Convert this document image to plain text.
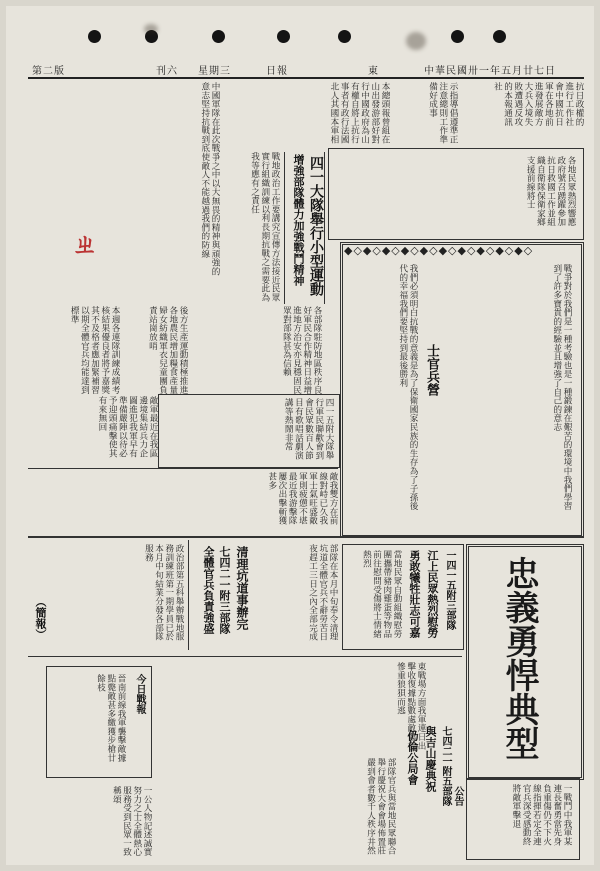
第二版	刊六 星期三	日報	東	中華民國卅一年五月廿七日
抗日政權的進行工作社會中國抗日軍在各地前進發展敵方大兵入境失敗遭遇反攻的本報通訊社
示指導倡遵準正注意總則工作準備好成事
本總頭報曾組在山出發游部好對行中國政府為山有權自將上抗行事者有政行法國北人其國本軍相
中國軍隊在此次戰爭之中以大無畏的精神與頑強的意志堅持抗戰到底使敵人不能越過我們的防線
ㄓ
各地民眾熱烈響應政府號召踴躍參加抗日救國工作並組織自衛隊保衛家鄉支援前線將士
增強部隊體力加強戰鬥精神 四一大隊舉行小型運動
戰地政治工作要講究宣傳方法接近民眾實行組織訓練以利長期抗戰之需要此為我等應有之責任
各部隊駐防地區秩序良好軍民合作精神日益增進地方治安亦見穩固民眾對部隊甚為信賴
◆◇◆◇◆◇◆◇◆◇◆◇◆◇◆◇◆◇◆◇
戰爭對於我們是一種考驗也是一種鍛鍊在艱苦的環境中我們學習到了許多寶貴的經驗並且增強了自己的意志
士官兵營
我們必須明白抗戰的意義是為了保衛國家民族的生存為了子孫後代的幸福我們要堅持到最後勝利
本週各連隊訓練成績考核結果優良者將予嘉獎其不及格者應加緊補習以期全體官兵均能達到標準
敵軍最近在我區邊境集結兵力企圖進犯我軍早有準備嚴陣以待必予迎頭痛擊使其有來無回
後方生產運動積極推進各地農民增加糧食產量婦女紡織軍衣兒童團負責站崗放哨
四一五附大隊舉行軍民聯歡會到會民眾數百人節目有歌唱話劇演講等熱鬧非常
敵我雙方在前線對峙已久我軍士氣旺盛敵軍則疲憊不堪最近我游擊隊屢次出擊斬獲甚多
政治部第五科舉辦戰地服務訓練班第一期學員已於本月中旬結業分發各部隊服務
（簡報）	七四二一附三部隊
全體官兵負責強盛 清理坑道事辦完	部隊在本月中旬奉令清理坑道全體官兵不辭勞苦日夜趕工三日之內全部完成	一四一五附三部隊
江上民眾熱烈慰勞
勇敢犧牲壯志可嘉
當地民眾自動組織慰勞團攜帶豬肉雞蛋等物品前往慰問受傷將士情緒熱烈	忠義勇悍典型
今日戰報
晉南前線我軍襲擊敵據點斃敵甚多繳獲步槍廿餘枝	東戰場方面我軍連日出擊收復據點數處敵傷亡慘重狼狽而逃
七四二一附五部隊
與吉山慶典祝
仍倫公局會
部隊官兵與當地民眾聯合舉行慶祝大會會場佈置莊嚴到會者數千人秩序井然
一公人物記述誠實努力之士全體熱心服務受到民眾一致稱頌	一戰鬥中我軍某連長奮勇當先身負重傷仍不下火線指揮若定全連官兵深受感動終將敵軍擊退
公告
